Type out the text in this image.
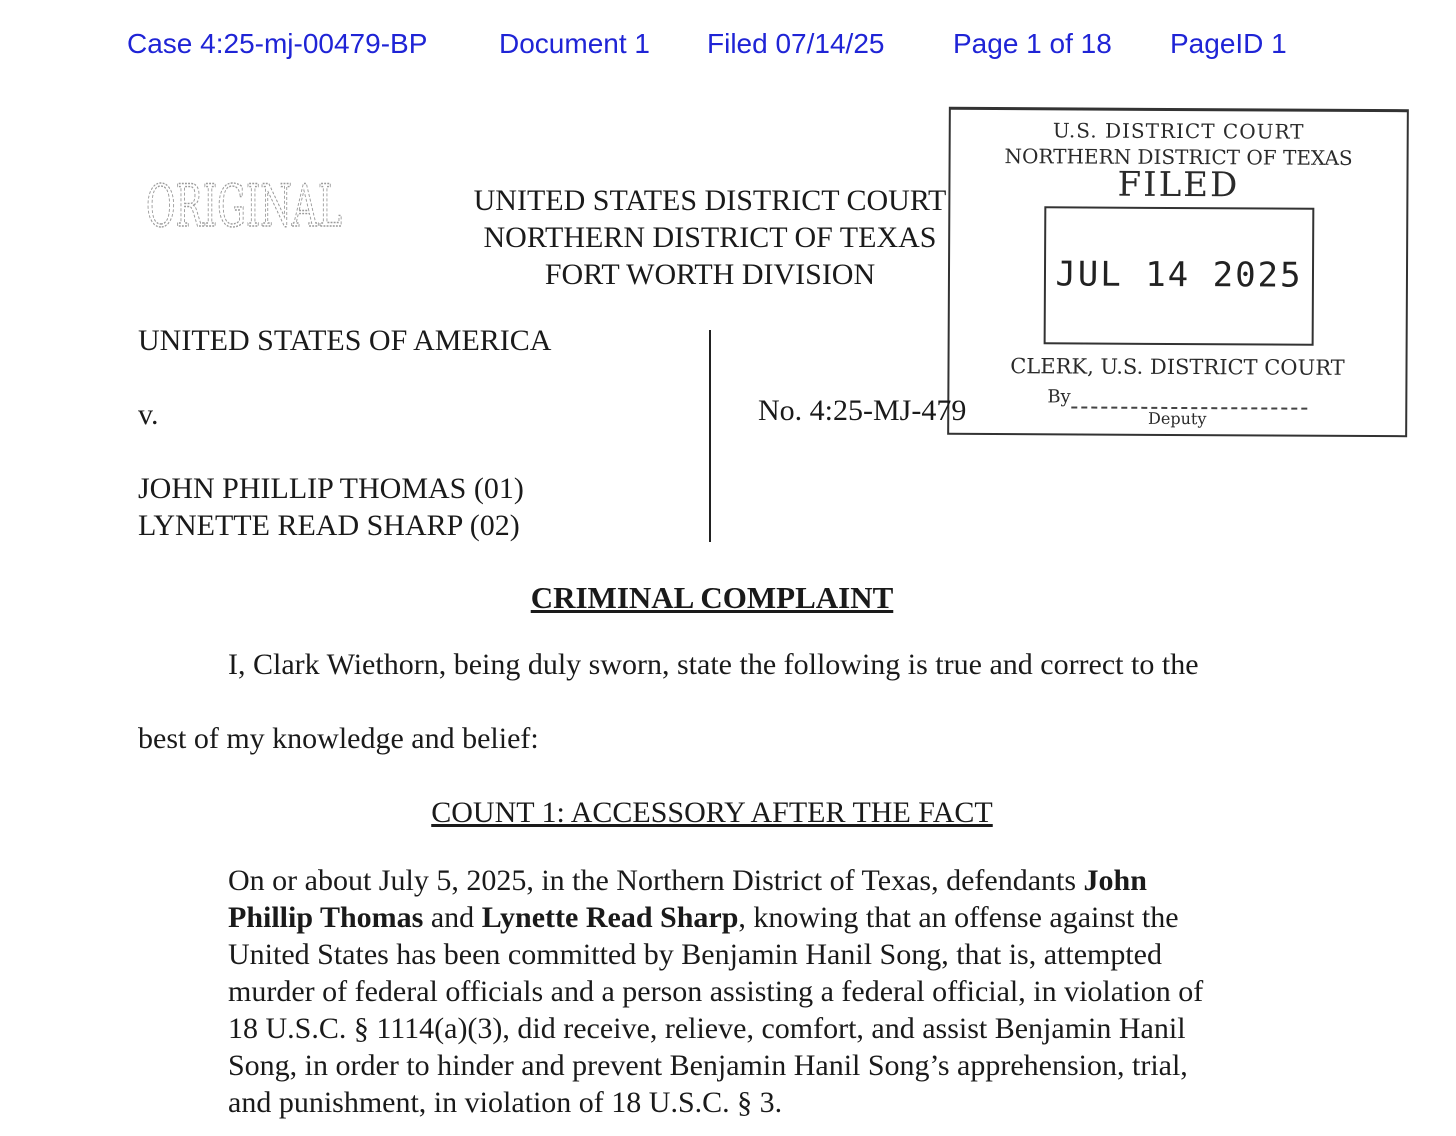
Case 4:25-mj-00479-BP	Document 1 Filed 07/14/25 Page 1 of 18 PageID 1
ORIGINAL	UNITED STATES DISTRICT COURT
NORTHERN DISTRICT OF TEXAS
FORT WORTH DIVISION
U.S. DISTRICT COURT
NORTHERN DISTRICT OF TEXAS
FILED
JUL 14 2025
CLERK, U.S. DISTRICT COURT
By
Deputy
UNITED STATES OF AMERICA
v.
JOHN PHILLIP THOMAS (01)
LYNETTE READ SHARP (02)
No. 4:25-MJ-479
CRIMINAL COMPLAINT
I, Clark Wiethorn, being duly sworn, state the following is true and correct to the
best of my knowledge and belief:
COUNT 1: ACCESSORY AFTER THE FACT
On or about July 5, 2025, in the Northern District of Texas, defendants John
Phillip Thomas and Lynette Read Sharp, knowing that an offense against the
United States has been committed by Benjamin Hanil Song, that is, attempted
murder of federal officials and a person assisting a federal official, in violation of
18 U.S.C. § 1114(a)(3), did receive, relieve, comfort, and assist Benjamin Hanil
Song, in order to hinder and prevent Benjamin Hanil Song’s apprehension, trial,
and punishment, in violation of 18 U.S.C. § 3.
